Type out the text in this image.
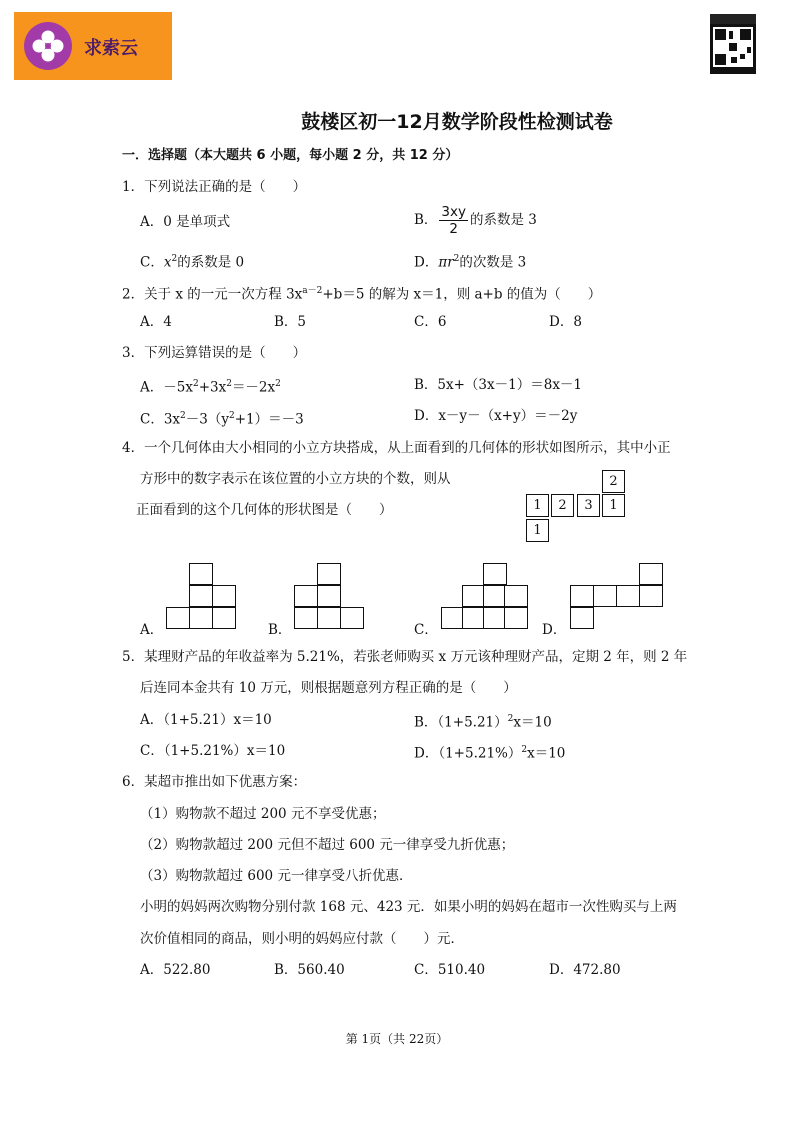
求索云
鼓楼区初一12月数学阶段性检测试卷
一．选择题（本大题共 6 小题，每小题 2 分，共 12 分）
1．下列说法正确的是（　　）
A．0 是单项式	B． $\frac{3xy}{2}$ 的系数是 3
C．$x^2$的系数是 0	D．$\pi r^2$的次数是 3
2．关于 x 的一元一次方程 $3x^{a-2}+b=5$ 的解为 x＝1，则 a+b 的值为（　　）
A．4	B．5	C．6	D．8
3．下列运算错误的是（　　）
A．$-5x^2+3x^2=-2x^2$	B．5x+（3x－1）＝8x－1
C．$3x^2-3(y^2+1)=-3$	D．x－y－（x+y）＝－2y
4．一个几何体由大小相同的小立方块搭成，从上面看到的几何体的形状如图所示，其中小正
方形中的数字表示在该位置的小立方块的个数，则从
正面看到的这个几何体的形状图是（　　）
2
1	2	3	1
1
A．	B．	C．	D．
5．某理财产品的年收益率为 5.21%，若张老师购买 x 万元该种理财产品，定期 2 年，则 2 年
后连同本金共有 10 万元，则根据题意列方程正确的是（　　）
A．（1+5.21）x＝10	B．$(1+5.21)^2x=10$
C．（1+5.21%）x＝10	D．$(1+5.21\%)^2x=10$
6．某超市推出如下优惠方案：
（1）购物款不超过 200 元不享受优惠；
（2）购物款超过 200 元但不超过 600 元一律享受九折优惠；
（3）购物款超过 600 元一律享受八折优惠．
小明的妈妈两次购物分别付款 168 元、423 元．如果小明的妈妈在超市一次性购买与上两
次价值相同的商品，则小明的妈妈应付款（　　）元．
A．522.80	B．560.40	C．510.40	D．472.80
第 1页（共 22页）
